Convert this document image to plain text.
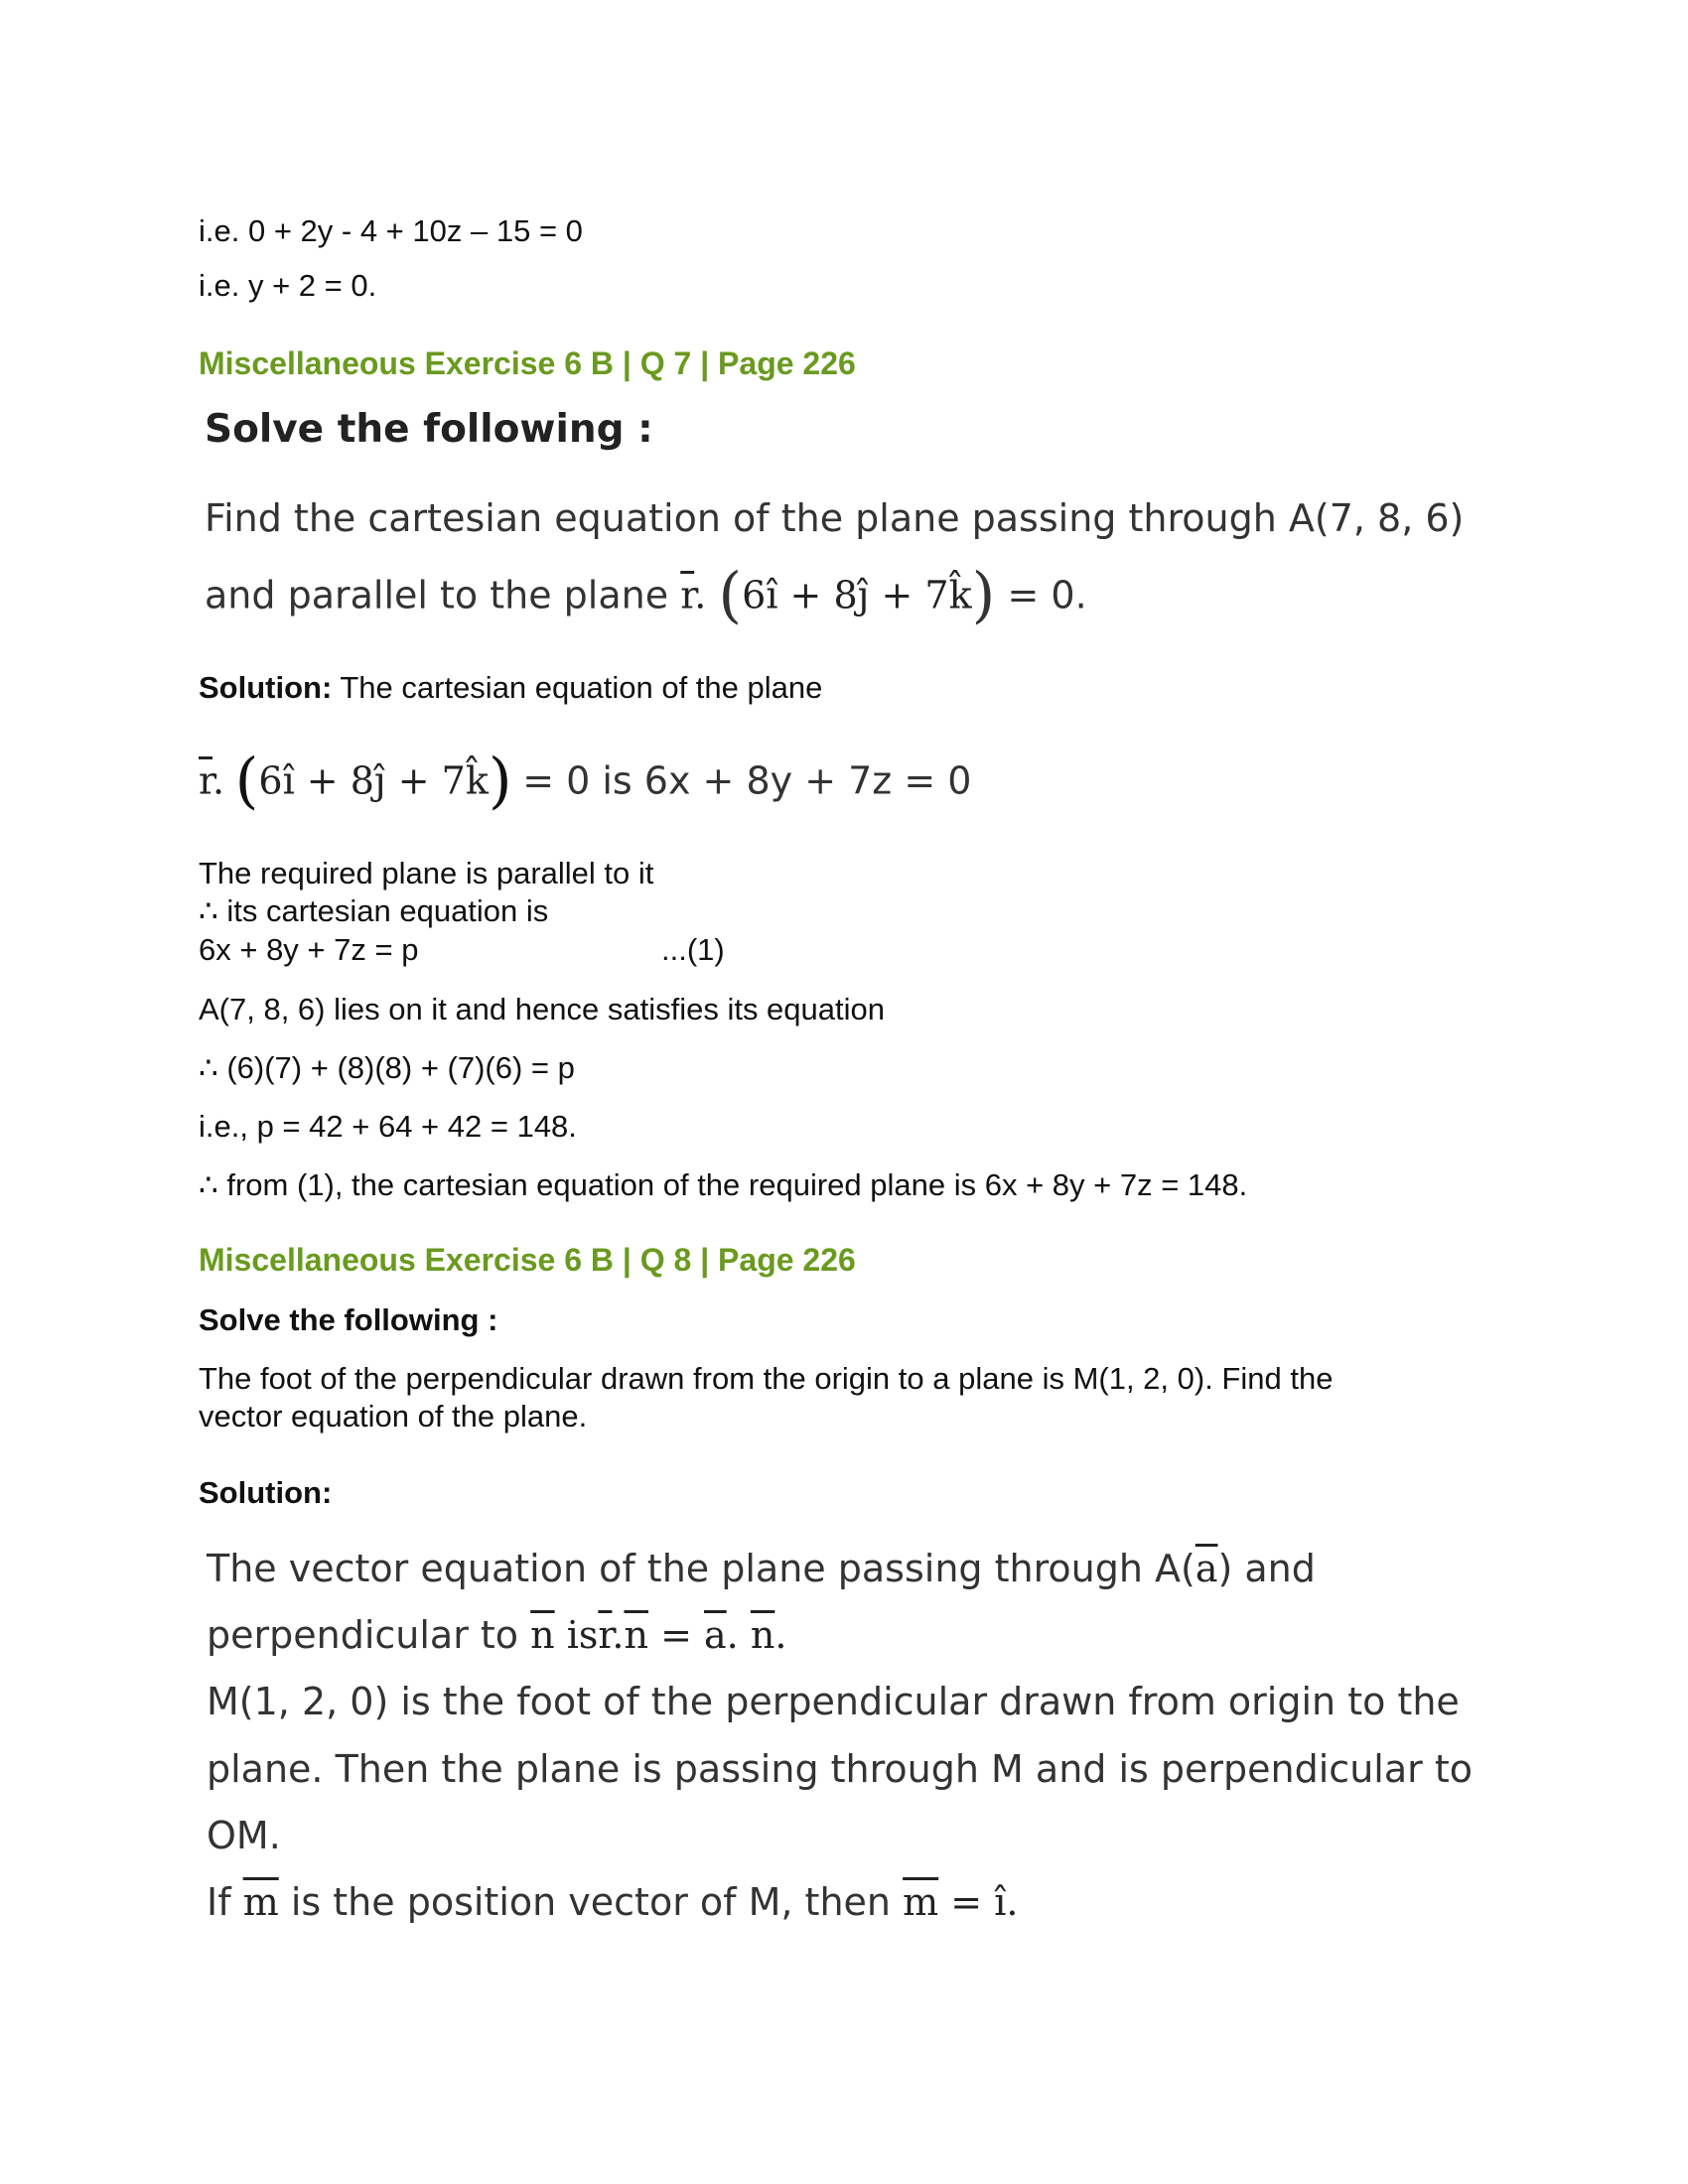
i.e. 0 + 2y - 4 + 10z – 15 = 0
i.e. y + 2 = 0.
Miscellaneous Exercise 6 B | Q 7 | Page 226
Solve the following :
Find the cartesian equation of the plane passing through A(7, 8, 6)
and parallel to the plane $\overline{r}$. (6î + 8ĵ + 7k̂) = 0.
Solution: The cartesian equation of the plane
$\overline{r}$. (6î + 8ĵ + 7k̂) = 0 is 6x + 8y + 7z = 0
The required plane is parallel to it
∴ its cartesian equation is
6x + 8y + 7z = p	...(1)
A(7, 8, 6) lies on it and hence satisfies its equation
∴ (6)(7) + (8)(8) + (7)(6) = p
i.e., p = 42 + 64 + 42 = 148.
∴ from (1), the cartesian equation of the required plane is 6x + 8y + 7z = 148.
Miscellaneous Exercise 6 B | Q 8 | Page 226
Solve the following :
The foot of the perpendicular drawn from the origin to a plane is M(1, 2, 0). Find the
vector equation of the plane.
Solution:
The vector equation of the plane passing through $A(\overline{a})$ and
perpendicular to $\overline{n}$ $is\overline{r}.\overline{n} = \overline{a}$. $\overline{n}$.
M(1, 2, 0) is the foot of the perpendicular drawn from origin to the
plane. Then the plane is passing through M and is perpendicular to
OM.
If $\overline{m}$ is the position vector of M, then $\overline{m}$ = î.
